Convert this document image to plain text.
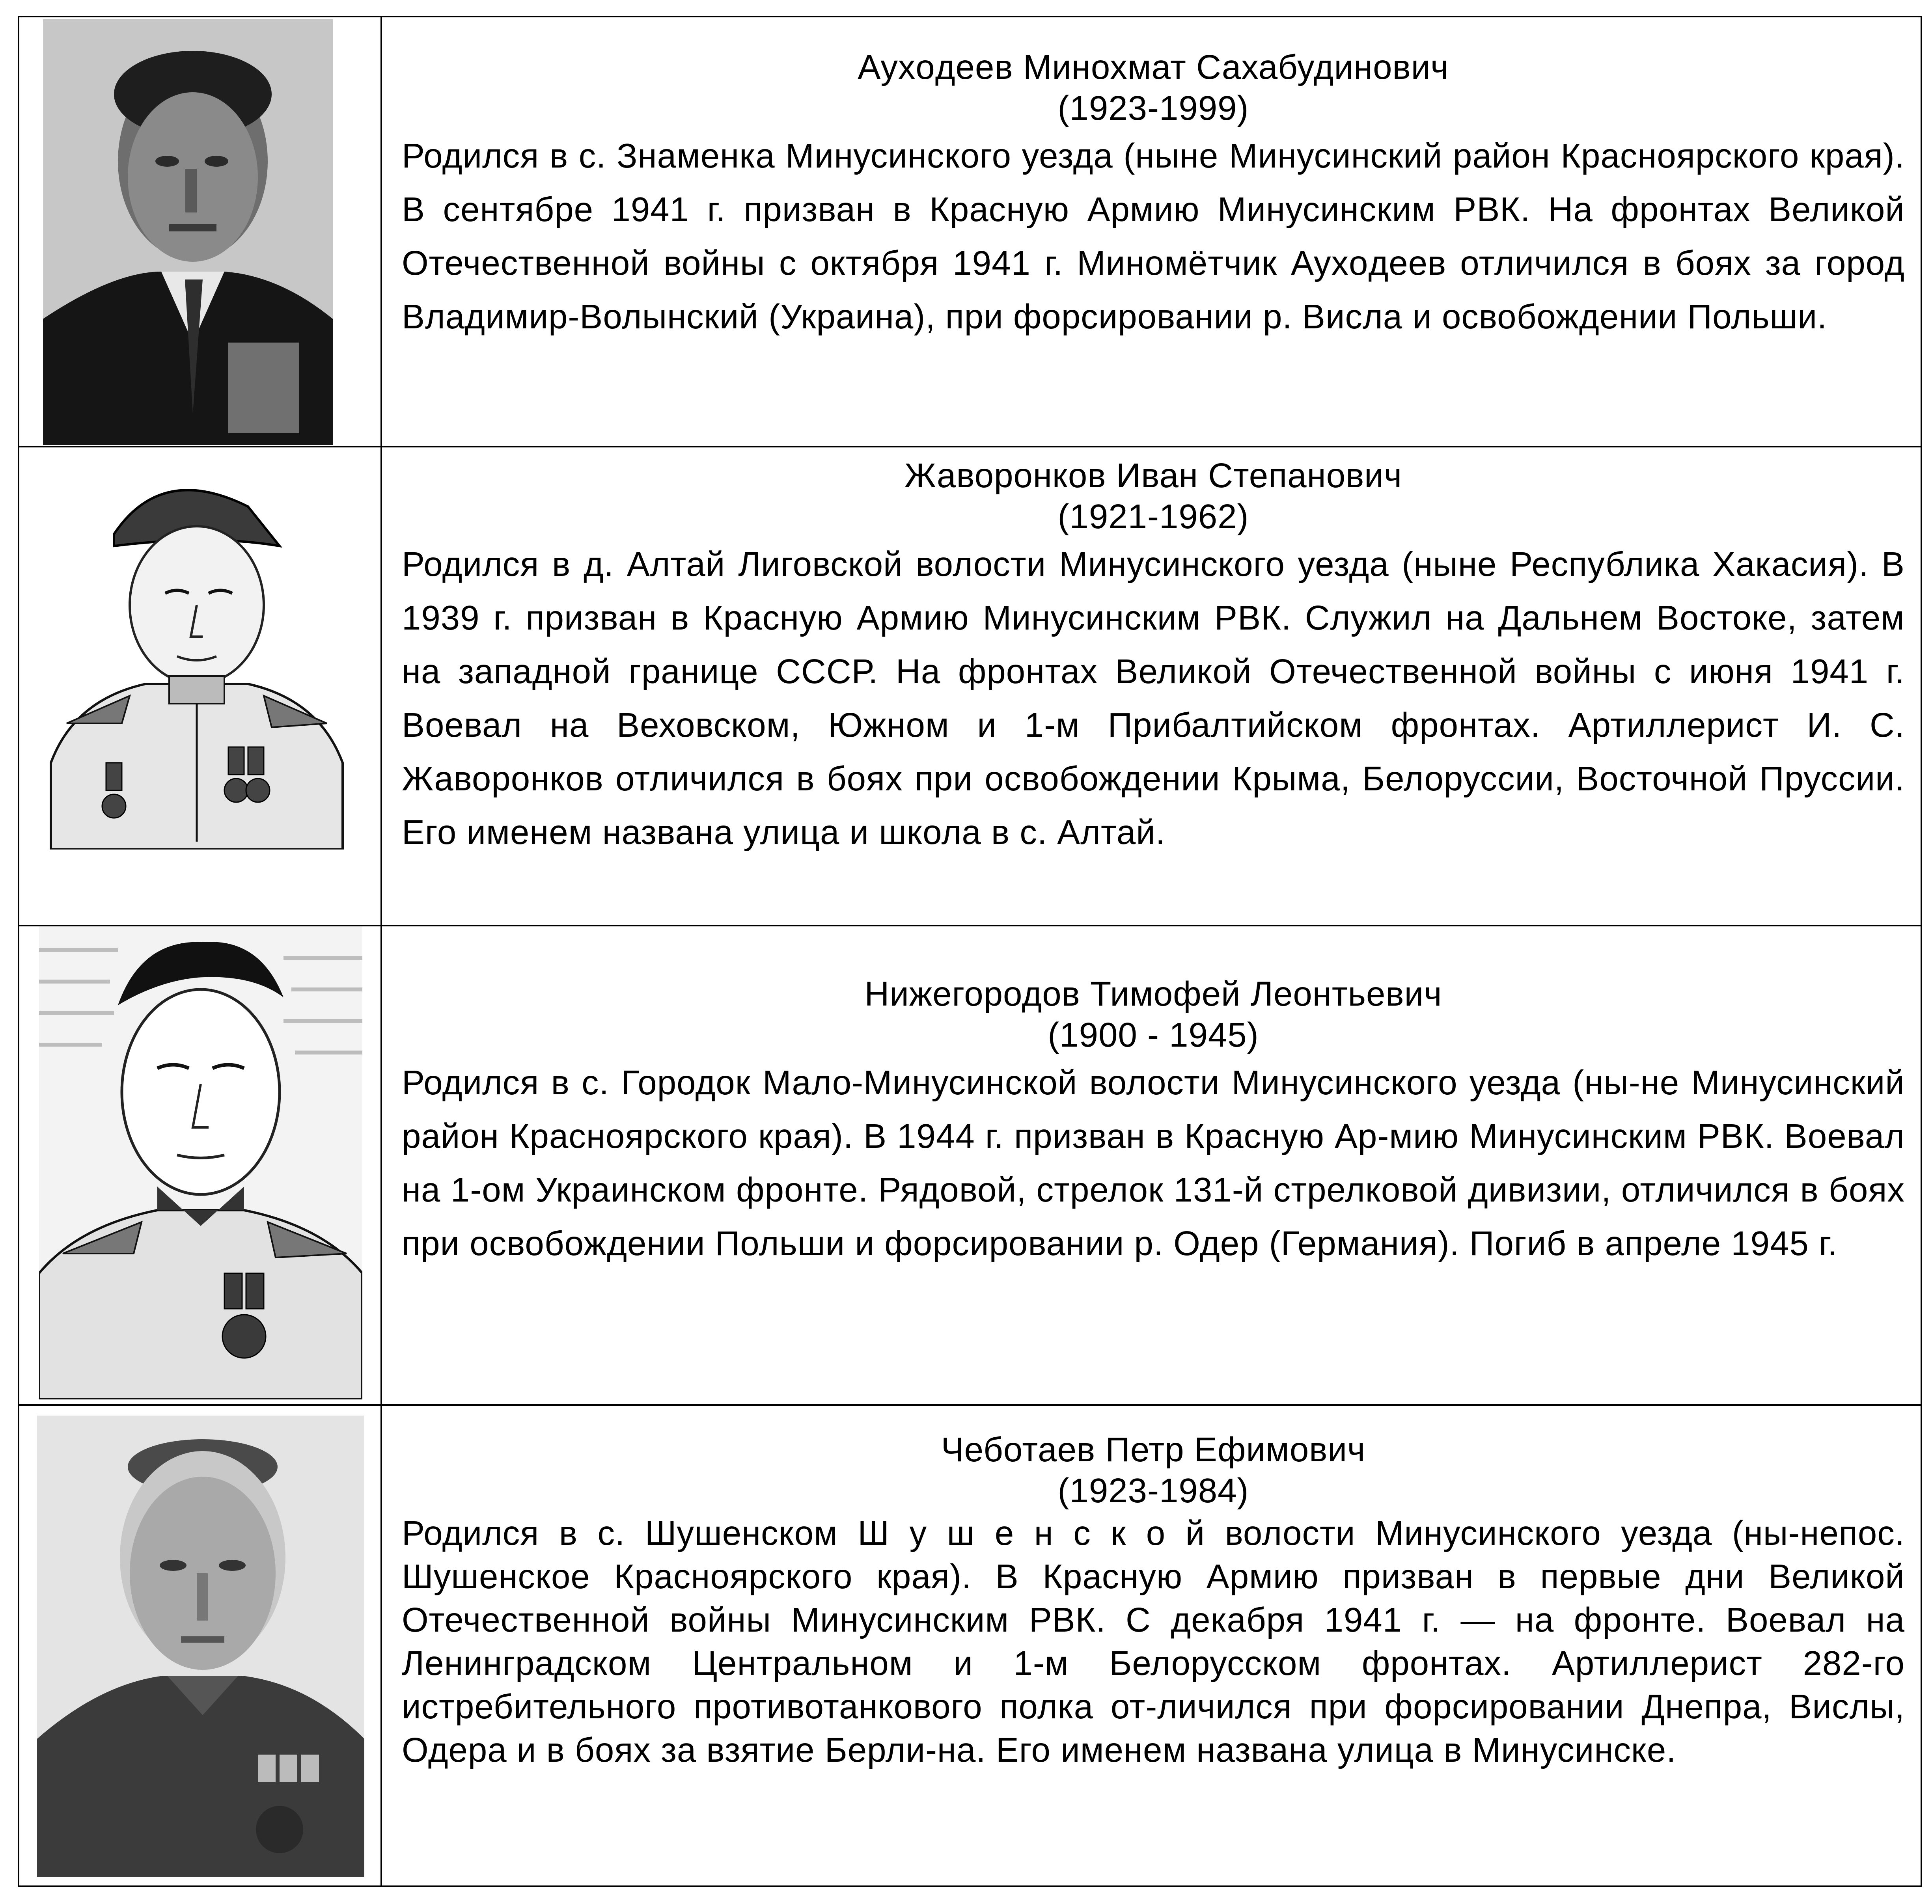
Аухoдеев Минохмат Сахабудинович
(1923-1999)

Родился в с. Знаменка Минусинского уезда (ныне Минусинский район Красноярского края). В сентябре 1941 г. призван в Красную Армию Минусинским РВК. На фронтах Великой Отечественной войны с октября 1941 г. Миномётчик Аухoдеев отличился в боях за город Владимир-Волынский (Украина), при форсировании р. Висла и освобождении Польши.

Жаворонков Иван Степанович
(1921-1962)

Родился в д. Алтай Лиговской волости Минусинского уезда (ныне Республика Хакасия). В 1939 г. призван в Красную Армию Минусинским РВК. Служил на Дальнем Востоке, затем на западной границе СССР. На фронтах Великой Отечественной войны с июня 1941 г. Воевал на Веховском, Южном и 1-м Прибалтийском фронтах. Артиллерист И. С. Жаворонков отличился в боях при освобождении Крыма, Белоруссии, Восточной Пруссии. Его именем названа улица и школа в с. Алтай.

Нижегородов Тимофей Леонтьевич
(1900 - 1945)

Родился в с. Городок Мало-Минусинской волости Минусинского уезда (ны-не Минусинский район Красноярского края). В 1944 г. призван в Красную Ар-мию Минусинским РВК. Воевал на 1-ом Украинском фронте. Рядовой, стрелок 131-й стрелковой дивизии, отличился в боях при освобождении Польши и форсировании р. Одер (Германия). Погиб в апреле 1945 г.

Чеботаев Петр Ефимович
(1923-1984)

Родился в с. Шушенском Ш у ш е н с к о й волости Минусинского уезда (ны-непос. Шушенское Красноярского края). В Красную Армию призван в первые дни Великой Отечественной войны Минусинским РВК. С декабря 1941 г. — на фронте. Воевал на Ленинградском Центральном и 1-м Белорусском фронтах. Артиллерист 282-го истребительного противотанкового полка от-личился при форсировании Днепра, Вислы, Одера и в боях за взятие Берли-на. Его именем названа улица в Минусинске.
